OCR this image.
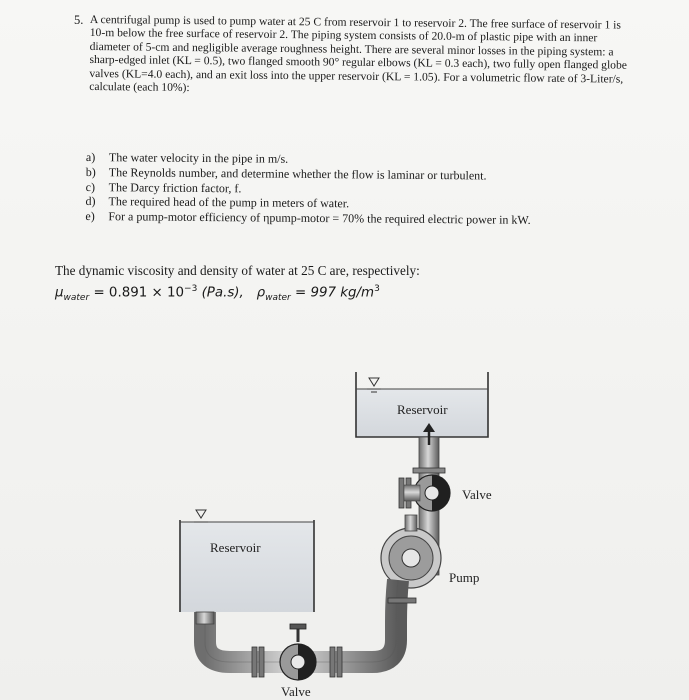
5. A centrifugal pump is used to pump water at 25 C from reservoir 1 to reservoir 2. The free surface of reservoir 1 is 10-m below the free surface of reservoir 2. The piping system consists of 20.0-m of plastic pipe with an inner diameter of 5-cm and negligible average roughness height. There are several minor losses in the piping system: a sharp-edged inlet (KL = 0.5), two flanged smooth 90° regular elbows (KL = 0.3 each), two fully open flanged globe valves (KL=4.0 each), and an exit loss into the upper reservoir (KL = 1.05). For a volumetric flow rate of 3-Liter/s, calculate (each 10%):

a)	The water velocity in the pipe in m/s.
b)	The Reynolds number, and determine whether the flow is laminar or turbulent.
c)	The Darcy friction factor, f.
d)	The required head of the pump in meters of water.
e)	For a pump-motor efficiency of ηpump-motor = 70% the required electric power in kW.
The dynamic viscosity and density of water at 25 C are, respectively:
$\mu_{water} = 0.891 \times 10^{-3}$ (Pa.s), $\rho_{water} = 997$ $kg/m^3$
Reservoir
Valve
Reservoir
Pump
Valve
